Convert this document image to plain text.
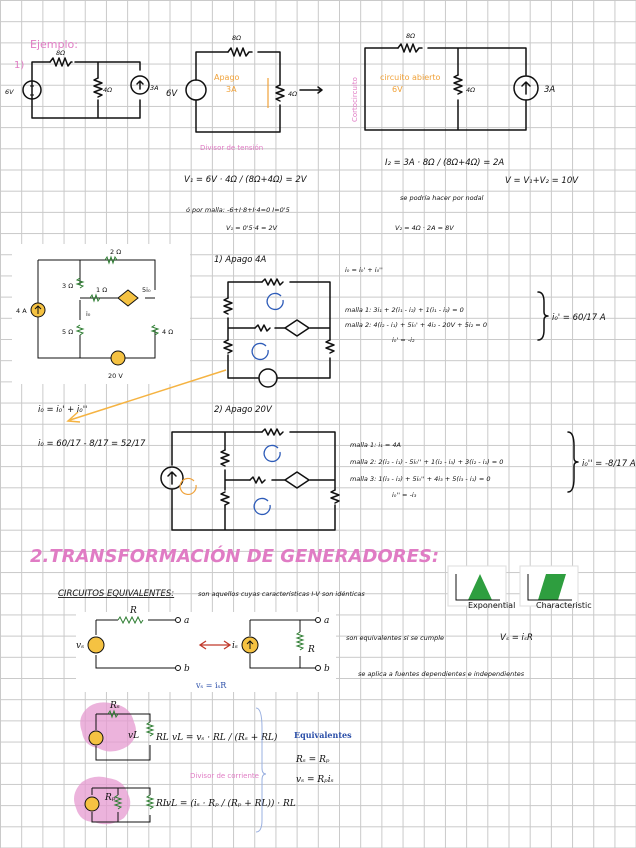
Ejemplo:
1)
8Ω
4Ω
6V	3A
8Ω
4Ω
6V
Apago
3A
Divisor de tensión
8Ω
4Ω	3A
Cortocircuito	circuito abierto
6V
V₁ = 6V · 4Ω / (8Ω+4Ω) = 2V
ó por malla: -6+I·8+I·4=0 I=0'5
V₁ = 0'5·4 = 2V
I₂ = 3A · 8Ω / (8Ω+4Ω) = 2A
V = V₁+V₂ = 10V
se podría hacer por nodal
V₂ = 4Ω · 2A = 8V
2 Ω
3 Ω	1 Ω
5 Ω	4 Ω
4 A
20 V
5i₀
i₀
1) Apago 4A
i₀ = i₀' + i₀''
malla 1: 3i₁ + 2(i₁ - i₂) + 1(i₁ - i₂) = 0
malla 2: 4(i₂ - i₁) + 5i₀' + 4i₂ - 20V + 5i₂ = 0
i₀' = -i₂
i₀' = 60/17 A
i₀ = i₀' + i₀''
i₀ = 60/17 - 8/17 = 52/17
2) Apago 20V
malla 1: i₁ = 4A
malla 2: 2(i₂ - i₁) - 5i₀'' + 1(i₂ - i₃) + 3(i₂ - i₁) = 0
malla 3: 1(i₃ - i₂) + 5i₀'' + 4i₃ + 5(i₃ - i₁) = 0
i₀'' = -i₃
i₀'' = -8/17 A
2.TRANSFORMACIÓN DE GENERADORES:
CIRCUITOS EQUIVALENTES:	son aquellos cuyas características I-V son idénticas
Exponential	Characteristic
R
R
a
b
a
b
vₛ	iₛ
vₛ = iₛR
son equivalentes si se cumple	Vₛ = iₛR
se aplica a fuentes dependientes e independientes
Rₛ
RL
vL	vL = vₛ · RL / (Rₛ + RL)
Rₚ
RL
Divisor de corriente
vL = (iₛ · Rₚ / (Rₚ + RL)) · RL
Equivalentes
Rₛ = Rₚ
vₛ = Rₚiₛ
